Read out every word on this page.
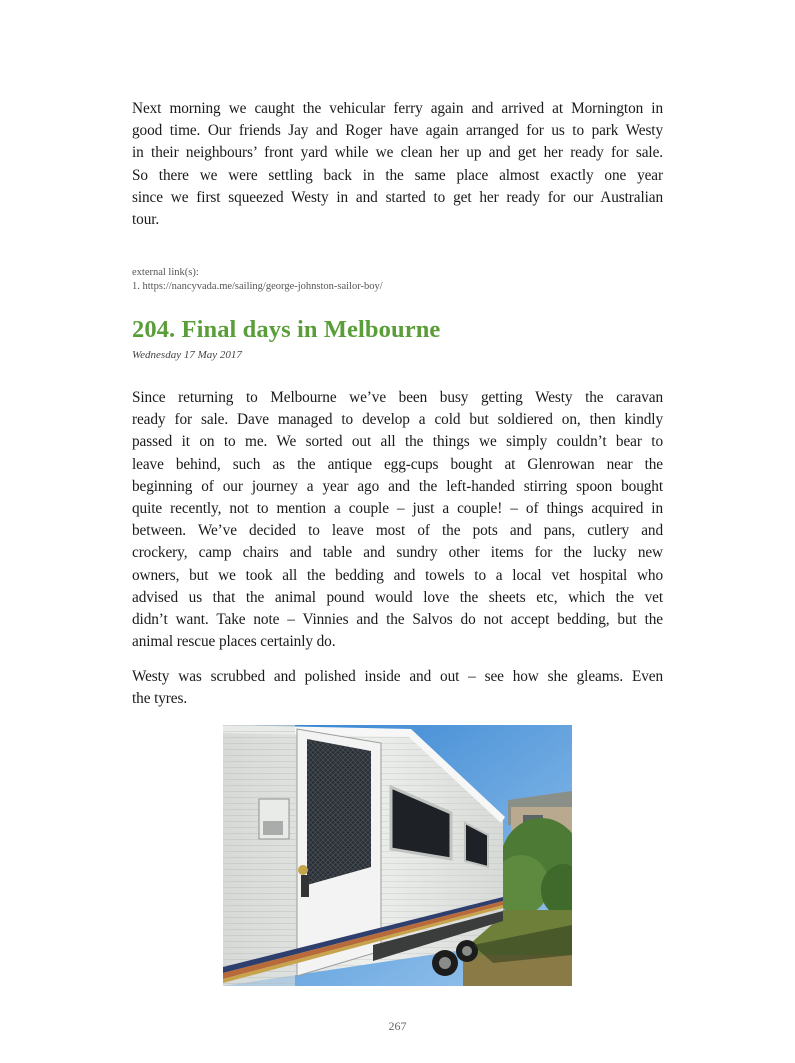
Next morning we caught the vehicular ferry again and arrived at Mornington in
good time. Our friends Jay and Roger have again arranged for us to park Westy
in their neighbours’ front yard while we clean her up and get her ready for sale.
So there we were settling back in the same place almost exactly one year
since we first squeezed Westy in and started to get her ready for our Australian
tour.

external link(s):
1. https://nancyvada.me/sailing/george-johnston-sailor-boy/
204. Final days in Melbourne
Wednesday 17 May 2017

Since returning to Melbourne we’ve been busy getting Westy the caravan
ready for sale. Dave managed to develop a cold but soldiered on, then kindly
passed it on to me. We sorted out all the things we simply couldn’t bear to
leave behind, such as the antique egg-cups bought at Glenrowan near the
beginning of our journey a year ago and the left-handed stirring spoon bought
quite recently, not to mention a couple – just a couple! – of things acquired in
between. We’ve decided to leave most of the pots and pans, cutlery and
crockery, camp chairs and table and sundry other items for the lucky new
owners, but we took all the bedding and towels to a local vet hospital who
advised us that the animal pound would love the sheets etc, which the vet
didn’t want. Take note – Vinnies and the Salvos do not accept bedding, but the
animal rescue places certainly do.

Westy was scrubbed and polished inside and out – see how she gleams. Even
the tyres.

267
